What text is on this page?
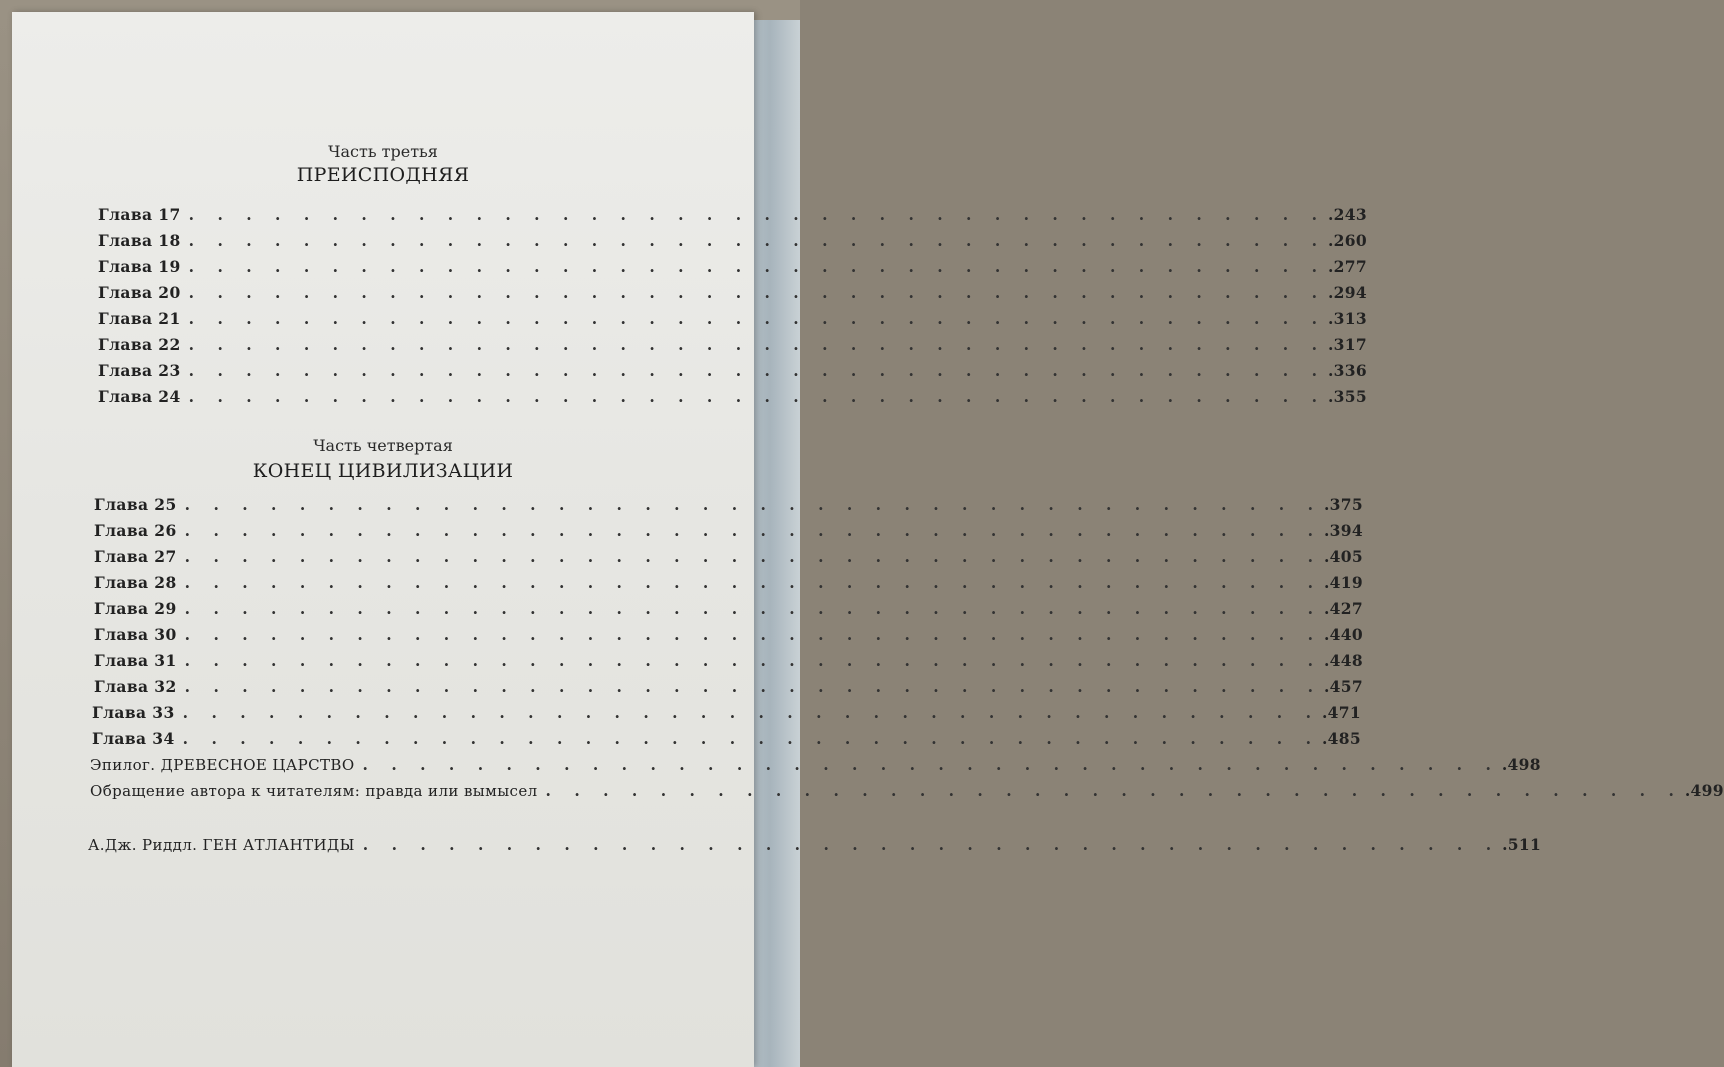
Часть третья
ПРЕИСПОДНЯЯ
Глава 17 . . . . . . . . . . . . . . . . . . . . . . . . . . . . . . . . . . . . . . . . .243
Глава 18 . . . . . . . . . . . . . . . . . . . . . . . . . . . . . . . . . . . . . . . . .260
Глава 19 . . . . . . . . . . . . . . . . . . . . . . . . . . . . . . . . . . . . . . . . .277
Глава 20 . . . . . . . . . . . . . . . . . . . . . . . . . . . . . . . . . . . . . . . . .294
Глава 21 . . . . . . . . . . . . . . . . . . . . . . . . . . . . . . . . . . . . . . . . .313
Глава 22 . . . . . . . . . . . . . . . . . . . . . . . . . . . . . . . . . . . . . . . . .317
Глава 23 . . . . . . . . . . . . . . . . . . . . . . . . . . . . . . . . . . . . . . . . .336
Глава 24 . . . . . . . . . . . . . . . . . . . . . . . . . . . . . . . . . . . . . . . . .355
Часть четвертая
КОНЕЦ ЦИВИЛИЗАЦИИ
Глава 25 . . . . . . . . . . . . . . . . . . . . . . . . . . . . . . . . . . . . . . . . .375
Глава 26 . . . . . . . . . . . . . . . . . . . . . . . . . . . . . . . . . . . . . . . . .394
Глава 27 . . . . . . . . . . . . . . . . . . . . . . . . . . . . . . . . . . . . . . . . .405
Глава 28 . . . . . . . . . . . . . . . . . . . . . . . . . . . . . . . . . . . . . . . . .419
Глава 29 . . . . . . . . . . . . . . . . . . . . . . . . . . . . . . . . . . . . . . . . .427
Глава 30 . . . . . . . . . . . . . . . . . . . . . . . . . . . . . . . . . . . . . . . . .440
Глава 31 . . . . . . . . . . . . . . . . . . . . . . . . . . . . . . . . . . . . . . . . .448
Глава 32 . . . . . . . . . . . . . . . . . . . . . . . . . . . . . . . . . . . . . . . . .457
Глава 33 . . . . . . . . . . . . . . . . . . . . . . . . . . . . . . . . . . . . . . . . .471
Глава 34 . . . . . . . . . . . . . . . . . . . . . . . . . . . . . . . . . . . . . . . . .485
Эпилог. ДРЕВЕСНОЕ ЦАРСТВО . . . . . . . . . . . . . . . . . . . . . . . . . . . . . . . . . . . . . . . . .498
Обращение автора к читателям: правда или вымысел . . . . . . . . . . . . . . . . . . . . . . . . . . . . . . . . . . . . . . . . .499
А.Дж. Риддл. ГЕН АТЛАНТИДЫ . . . . . . . . . . . . . . . . . . . . . . . . . . . . . . . . . . . . . . . . .511
